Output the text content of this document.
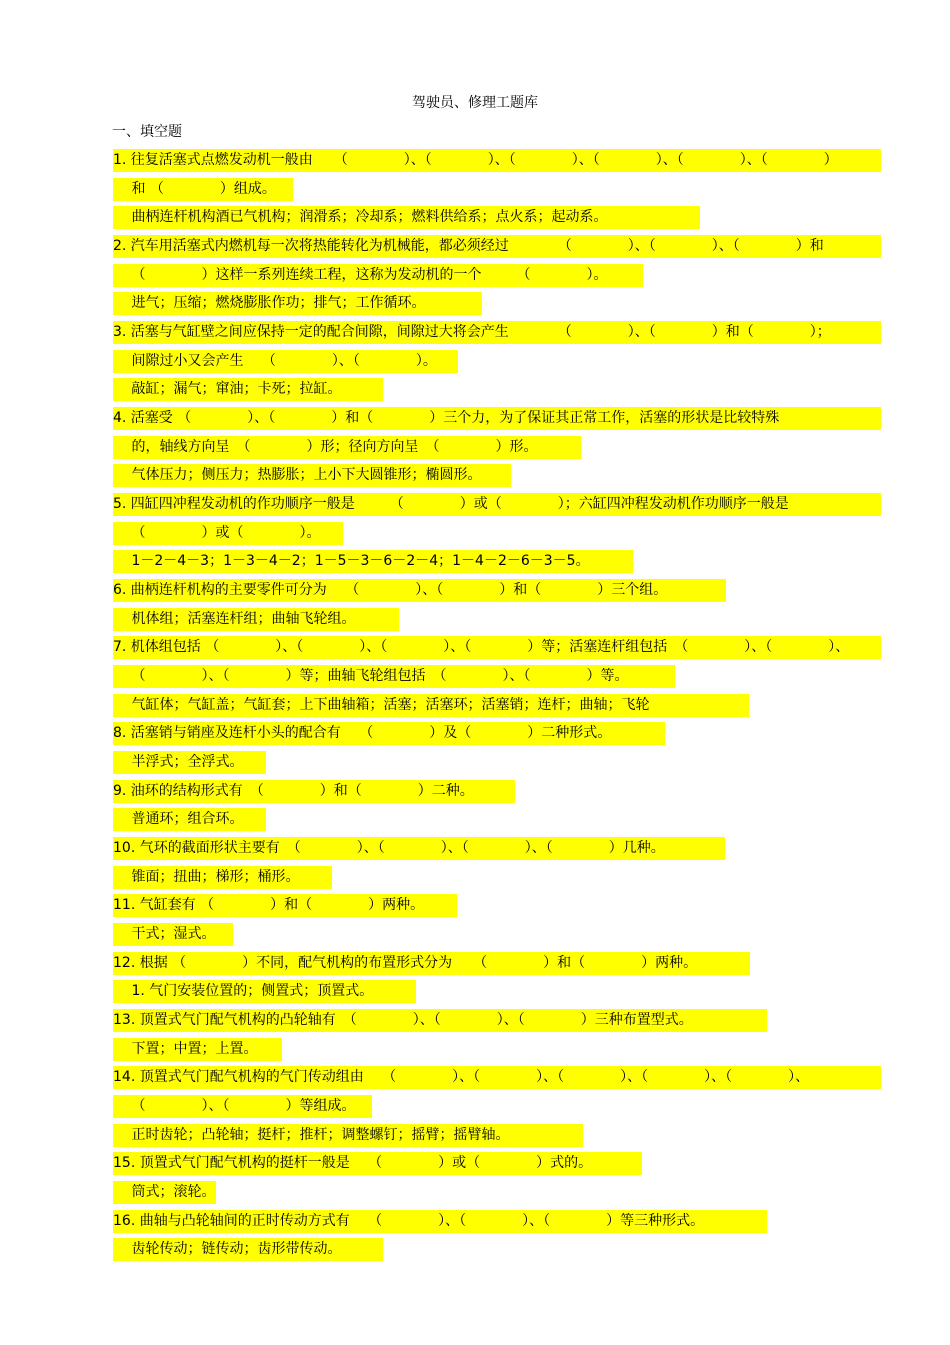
驾驶员、修理工题库
一、填空题
1. 往复活塞式点燃发动机一般由　　（　　　　）、（　　　　）、（　　　　）、（　　　　）、（　　　　）、（　　　　）
　 和 （　　　　）组成。
　 曲柄连杆机构酒已气机构；润滑系；冷却系；燃料供给系；点火系；起动系。
2. 汽车用活塞式内燃机每一次将热能转化为机械能，都必须经过　　　　（　　　　）、（　　　　）、（　　　　）和
　 （　　　　）这样一系列连续工程，这称为发动机的一个　　　（　　　　）。
　 进气；压缩；燃烧膨胀作功；排气；工作循环。
3. 活塞与气缸壁之间应保持一定的配合间隙，间隙过大将会产生　　　　（　　　　）、（　　　　）和（　　　　）；
　 间隙过小又会产生　 （　　　　）、（　　　　）。
　 敲缸；漏气；窜油；卡死；拉缸。
4. 活塞受 （　　　　）、（　　　　）和（　　　　）三个力，为了保证其正常工作，活塞的形状是比较特殊
　 的，轴线方向呈　（　　　　）形；径向方向呈　（　　　　）形。
　 气体压力；侧压力；热膨胀；上小下大圆锥形；椭圆形。
5. 四缸四冲程发动机的作功顺序一般是　　　（　　　　）或（　　　　）；六缸四冲程发动机作功顺序一般是
　 （　　　　）或（　　　　）。
　 1－2－4－3；1－3－4－2；1－5－3－6－2－4；1－4－2－6－3－5。
6. 曲柄连杆机构的主要零件可分为　 （　　　　）、（　　　　）和（　　　　）三个组。
　 机体组；活塞连杆组；曲轴飞轮组。
7. 机体组包括 （　　　　）、（　　　　）、（　　　　）、（　　　　）等；活塞连杆组包括　（　　　　）、（　　　　）、
　 （　　　　）、（　　　　）等；曲轴飞轮组包括　（　　　　）、（　　　　）等。
　 气缸体；气缸盖；气缸套；上下曲轴箱；活塞；活塞环；活塞销；连杆；曲轴；飞轮
8. 活塞销与销座及连杆小头的配合有　 （　　　　）及（　　　　）二种形式。
　 半浮式；全浮式。
9. 油环的结构形式有　（　　　　）和（　　　　）二种。
　 普通环；组合环。
10. 气环的截面形状主要有　（　　　　）、（　　　　）、（　　　　）、（　　　　）几种。
　 锥面；扭曲；梯形；桶形。
11. 气缸套有 （　　　　）和（　　　　）两种。
　 干式；湿式。
12. 根据 （　　　　）不同，配气机构的布置形式分为　　（　　　　）和（　　　　）两种。
　 1. 气门安装位置的；侧置式；顶置式。
13. 顶置式气门配气机构的凸轮轴有　（　　　　）、（　　　　）、（　　　　）三种布置型式。
　 下置；中置；上置。
14. 顶置式气门配气机构的气门传动组由　 （　　　　）、（　　　　）、（　　　　）、（　　　　）、（　　　　）、
　 （　　　　）、（　　　　）等组成。
　 正时齿轮；凸轮轴；挺杆；推杆；调整螺钉；摇臂；摇臂轴。
15. 顶置式气门配气机构的挺杆一般是　 （　　　　）或（　　　　）式的。
　 筒式；滚轮。
16. 曲轴与凸轮轴间的正时传动方式有　 （　　　　）、（　　　　）、（　　　　）等三种形式。
　 齿轮传动；链传动；齿形带传动。
